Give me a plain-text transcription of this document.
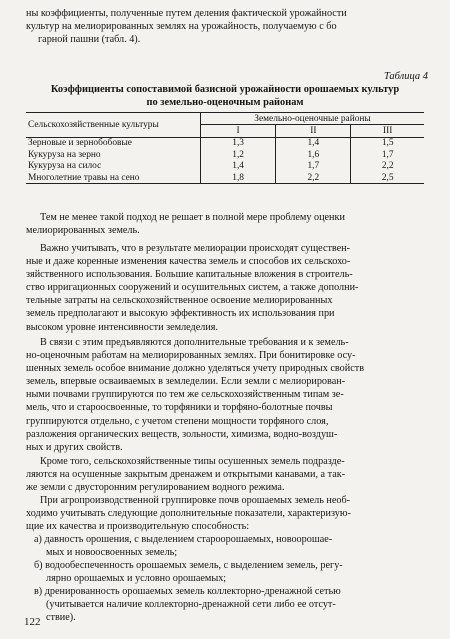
ны коэффициенты, полученные путем деления фактической урожайности
культур на мелиорированных землях на урожайность, получаемую с бо
гарной пашни (табл. 4).

Таблица 4
Коэффициенты сопоставимой базисной урожайности орошаемых культур
по земельно-оценочным районам
Сельскохозяйственные культуры	Земельно-оценочные районы		
	I	II	III
Зерновые и зернобобовые	1,3	1,4	1,5
Кукуруза на зерно	1,2	1,6	1,7
Кукуруза на силос	1,4	1,7	2,2
Многолетние травы на сено	1,8	2,2	2,5

Тем не менее такой подход не решает в полной мере проблему оценки
мелиорированных земель.

Важно учитывать, что в результате мелиорации происходят существен-
ные и даже коренные изменения качества земель и способов их сельскохо-
зяйственного использования. Большие капитальные вложения в строитель-
ство ирригационных сооружений и осушительных систем, а также дополни-
тельные затраты на сельскохозяйственное освоение мелиорированных
земель предполагают и высокую эффективность их использования при
высоком уровне интенсивности земледелия.

В связи с этим предъявляются дополнительные требования и к земель-
но-оценочным работам на мелиорированных землях. При бонитировке осу-
шенных земель особое внимание должно уделяться учету природных свойств
земель, впервые осваиваемых в земледелии. Если земли с мелиорирован-
ными почвами группируются по тем же сельскохозяйственным типам зе-
мель, что и староосвоенные, то торфяники и торфяно-болотные почвы
группируются отдельно, с учетом степени мощности торфяного слоя,
разложения органических веществ, зольности, химизма, водно-воздуш-
ных и других свойств.

Кроме того, сельскохозяйственные типы осушенных земель подразде-
ляются на осушенные закрытым дренажем и открытыми канавами, а так-
же земли с двусторонним регулированием водного режима.

При агропроизводственной группировке почв орошаемых земель необ-
ходимо учитывать следующие дополнительные показатели, характеризую-
щие их качества и производительную способность:

а) давность орошения, с выделением староорошаемых, новоорошае-
мых и новоосвоенных земель;

б) водообеспеченность орошаемых земель, с выделением земель, регу-
лярно орошаемых и условно орошаемых;

в) дренированность орошаемых земель коллекторно-дренажной сетью
(учитывается наличие коллекторно-дренажной сети либо ее отсут-
ствие).

122
